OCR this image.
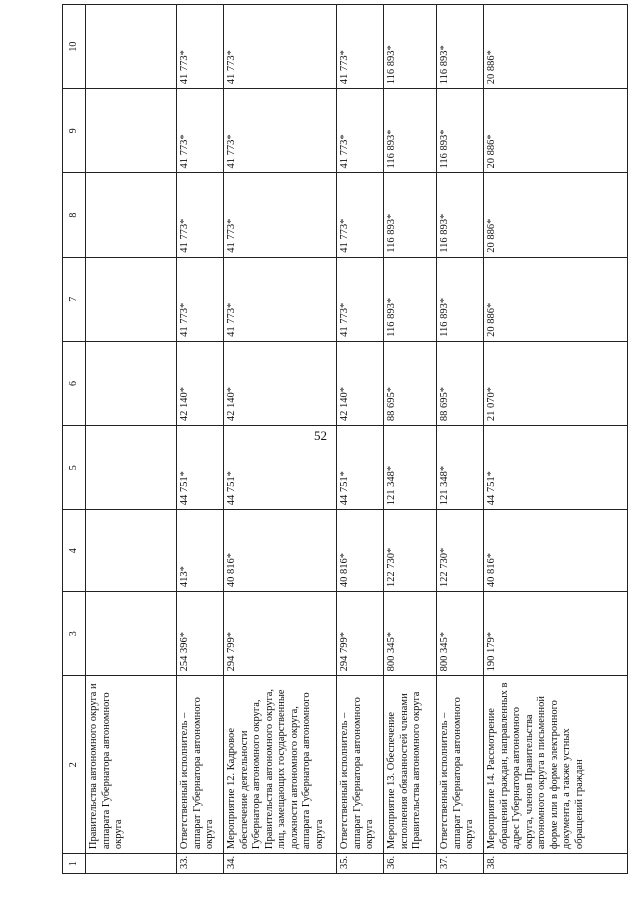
52
1	2	3	4	5	6	7	8	9	10
	Правительства автономного округа и аппарата Губернатора автономного округа								
33.	Ответственный исполнитель – аппарат Губернатора автономного округа	254 396*	413*	44 751*	42 140*	41 773*	41 773*	41 773*	41 773*
34.	Мероприятие 12. Кадровое обеспечение деятельности Губернатора автономного округа, Правительства автономного округа, лиц, замещающих государственные должности автономного округа, аппарата Губернатора автономного округа	294 799*	40 816*	44 751*	42 140*	41 773*	41 773*	41 773*	41 773*
35.	Ответственный исполнитель – аппарат Губернатора автономного округа	294 799*	40 816*	44 751*	42 140*	41 773*	41 773*	41 773*	41 773*
36.	Мероприятие 13. Обеспечение исполнения обязанностей членами Правительства автономного округа	800 345*	122 730*	121 348*	88 695*	116 893*	116 893*	116 893*	116 893*
37.	Ответственный исполнитель – аппарат Губернатора автономного округа	800 345*	122 730*	121 348*	88 695*	116 893*	116 893*	116 893*	116 893*
38.	Мероприятие 14. Рассмотрение обращений граждан, направленных в адрес Губернатора автономного округа, членов Правительства автономного округа в письменной форме или в форме электронного документа, а также устных обращений граждан	190 179*	40 816*	44 751*	21 070*	20 886*	20 886*	20 886*	20 886*
